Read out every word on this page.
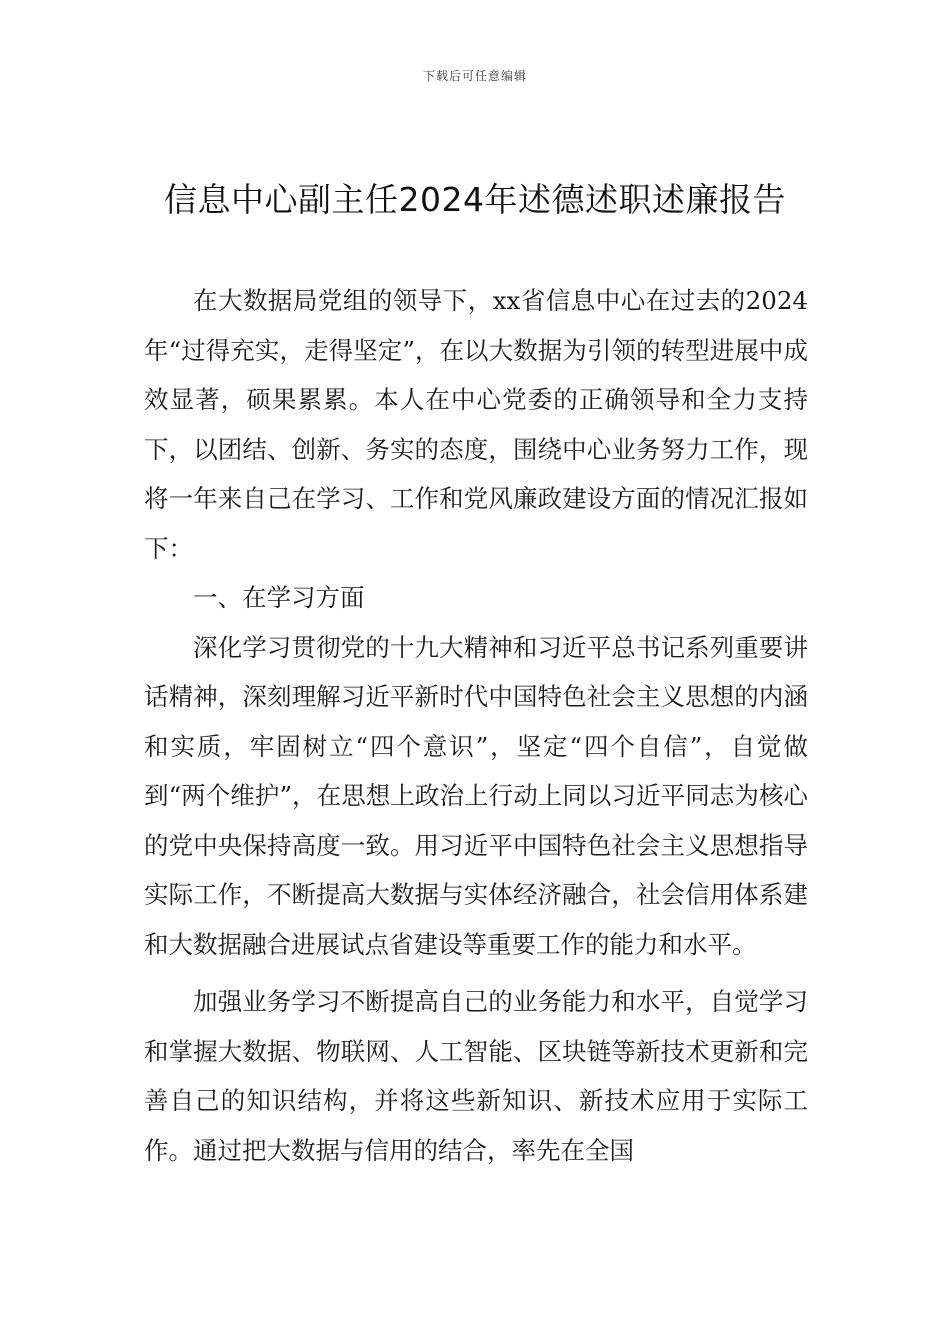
下载后可任意编辑
信息中心副主任2024年述德述职述廉报告

在大数据局党组的领导下，xx省信息中心在过去的2024年“过得充实，走得坚定”，在以大数据为引领的转型进展中成效显著，硕果累累。本人在中心党委的正确领导和全力支持下，以团结、创新、务实的态度，围绕中心业务努力工作，现将一年来自己在学习、工作和党风廉政建设方面的情况汇报如下：

一、在学习方面

深化学习贯彻党的十九大精神和习近平总书记系列重要讲话精神，深刻理解习近平新时代中国特色社会主义思想的内涵和实质，牢固树立“四个意识”，坚定“四个自信”，自觉做到“两个维护”，在思想上政治上行动上同以习近平同志为核心的党中央保持高度一致。用习近平中国特色社会主义思想指导实际工作，不断提高大数据与实体经济融合，社会信用体系建和大数据融合进展试点省建设等重要工作的能力和水平。

加强业务学习不断提高自己的业务能力和水平，自觉学习和掌握大数据、物联网、人工智能、区块链等新技术更新和完善自己的知识结构，并将这些新知识、新技术应用于实际工作。通过把大数据与信用的结合，率先在全国
